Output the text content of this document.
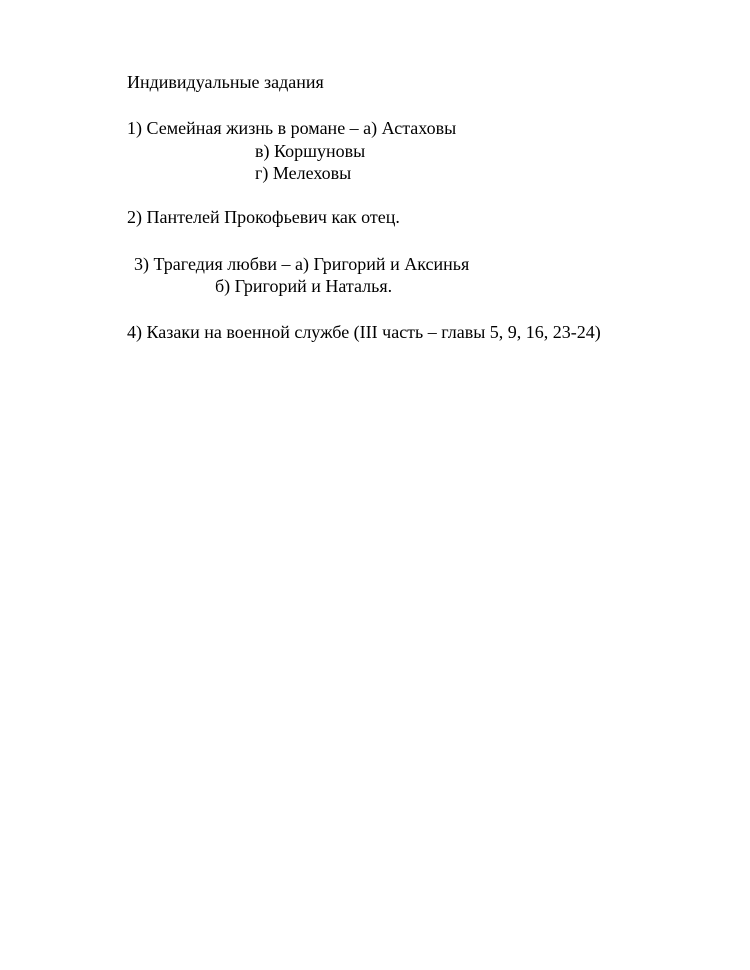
Индивидуальные задания
1) Семейная жизнь в романе – а) Астаховы
в) Коршуновы
г) Мелеховы
2) Пантелей Прокофьевич как отец.
3) Трагедия любви – а) Григорий и Аксинья
б) Григорий и Наталья.
4) Казаки на военной службе (III часть – главы 5, 9, 16, 23-24)
